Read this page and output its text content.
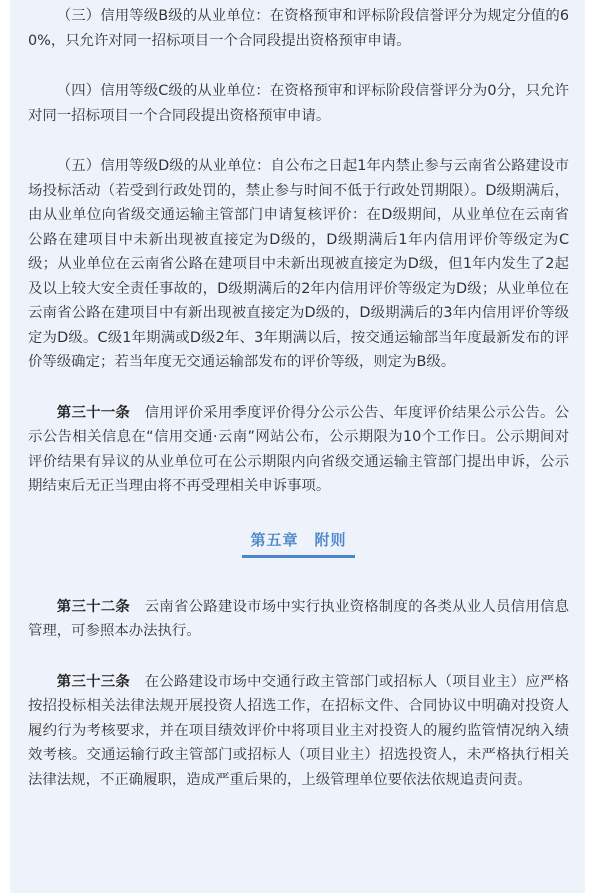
（三）信用等级B级的从业单位：在资格预审和评标阶段信誉评分为规定分值的60%，只允许对同一招标项目一个合同段提出资格预审申请。

（四）信用等级C级的从业单位：在资格预审和评标阶段信誉评分为0分，只允许对同一招标项目一个合同段提出资格预审申请。

（五）信用等级D级的从业单位：自公布之日起1年内禁止参与云南省公路建设市场投标活动（若受到行政处罚的，禁止参与时间不低于行政处罚期限）。D级期满后，由从业单位向省级交通运输主管部门申请复核评价：在D级期间，从业单位在云南省公路在建项目中未新出现被直接定为D级的，D级期满后1年内信用评价等级定为C级；从业单位在云南省公路在建项目中未新出现被直接定为D级，但1年内发生了2起及以上较大安全责任事故的，D级期满后的2年内信用评价等级定为D级；从业单位在云南省公路在建项目中有新出现被直接定为D级的，D级期满后的3年内信用评价等级定为D级。C级1年期满或D级2年、3年期满以后，按交通运输部当年度最新发布的评价等级确定；若当年度无交通运输部发布的评价等级，则定为B级。

第三十一条　信用评价采用季度评价得分公示公告、年度评价结果公示公告。公示公告相关信息在“信用交通·云南”网站公布，公示期限为10个工作日。公示期间对评价结果有异议的从业单位可在公示期限内向省级交通运输主管部门提出申诉，公示期结束后无正当理由将不再受理相关申诉事项。

第五章　附则

第三十二条　云南省公路建设市场中实行执业资格制度的各类从业人员信用信息管理，可参照本办法执行。

第三十三条　在公路建设市场中交通行政主管部门或招标人（项目业主）应严格按招投标相关法律法规开展投资人招选工作，在招标文件、合同协议中明确对投资人履约行为考核要求，并在项目绩效评价中将项目业主对投资人的履约监管情况纳入绩效考核。交通运输行政主管部门或招标人（项目业主）招选投资人，未严格执行相关法律法规，不正确履职，造成严重后果的，上级管理单位要依法依规追责问责。
